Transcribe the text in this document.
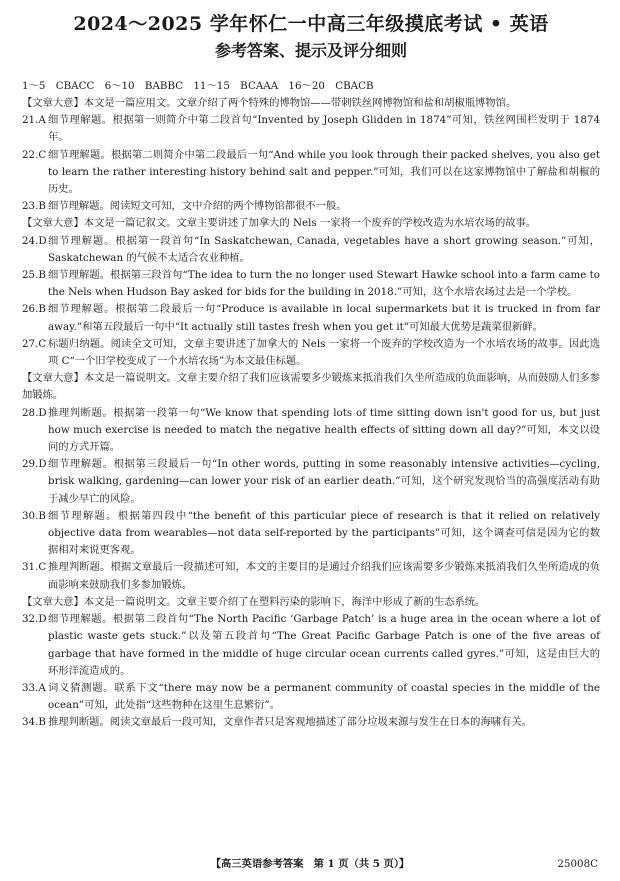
2024～2025 学年怀仁一中高三年级摸底考试 • 英语
参考答案、提示及评分细则
1～5　CBACC　6～10　BABBC　11～15　BCAAA　16～20　CBACB

【文章大意】本文是一篇应用文。文章介绍了两个特殊的博物馆——带刺铁丝网博物馆和盐和胡椒瓶博物馆。

21.A 细节理解题。根据第一则简介中第二段首句“Invented by Joseph Glidden in 1874”可知，铁丝网围栏发明于 1874 年。
22.C 细节理解题。根据第二则简介中第二段最后一句“And while you look through their packed shelves, you also get to learn the rather interesting history behind salt and pepper.”可知，我们可以在这家博物馆中了解盐和胡椒的历史。
23.B 细节理解题。阅读短文可知，文中介绍的两个博物馆都很不一般。

【文章大意】本文是一篇记叙文。文章主要讲述了加拿大的 Nels 一家将一个废弃的学校改造为水培农场的故事。

24.D 细节理解题。根据第一段首句“In Saskatchewan, Canada, vegetables have a short growing season.”可知，Saskatchewan 的气候不太适合农业种植。
25.B 细节理解题。根据第三段首句“The idea to turn the no longer used Stewart Hawke school into a farm came to the Nels when Hudson Bay asked for bids for the building in 2018.”可知，这个水培农场过去是一个学校。
26.B 细节理解题。根据第二段最后一句“Produce is available in local supermarkets but it is trucked in from far away.”和第五段最后一句中“It actually still tastes fresh when you get it”可知最大优势是蔬菜很新鲜。
27.C 标题归纳题。阅读全文可知，文章主要讲述了加拿大的 Nels 一家将一个废弃的学校改造为一个水培农场的故事。因此选项 C“一个旧学校变成了一个水培农场”为本文最佳标题。

【文章大意】本文是一篇说明文。文章主要介绍了我们应该需要多少锻炼来抵消我们久坐所造成的负面影响，从而鼓励人们多参加锻炼。

28.D 推理判断题。根据第一段第一句“We know that spending lots of time sitting down isn't good for us, but just how much exercise is needed to match the negative health effects of sitting down all day?”可知，本文以设问的方式开篇。
29.D 细节理解题。根据第三段最后一句“In other words, putting in some reasonably intensive activities—cycling, brisk walking, gardening—can lower your risk of an earlier death.”可知，这个研究发现恰当的高强度活动有助于减少早亡的风险。
30.B 细节理解题。根据第四段中“the benefit of this particular piece of research is that it relied on relatively objective data from wearables—not data self-reported by the participants”可知，这个调查可信是因为它的数据相对来说更客观。
31.C 推理判断题。根据文章最后一段描述可知，本文的主要目的是通过介绍我们应该需要多少锻炼来抵消我们久坐所造成的负面影响来鼓励我们多参加锻炼。

【文章大意】本文是一篇说明文。文章主要介绍了在塑料污染的影响下，海洋中形成了新的生态系统。

32.D 细节理解题。根据第二段首句“The North Pacific ‘Garbage Patch’ is a huge area in the ocean where a lot of plastic waste gets stuck.”以及第五段首句“The Great Pacific Garbage Patch is one of the five areas of garbage that have formed in the middle of huge circular ocean currents called gyres.”可知，这是由巨大的环形洋流造成的。
33.A 词义猜测题。联系下文“there may now be a permanent community of coastal species in the middle of the ocean”可知，此处指“这些物种在这里生息繁衍”。
34.B 推理判断题。阅读文章最后一段可知，文章作者只是客观地描述了部分垃圾来源与发生在日本的海啸有关。
【高三英语参考答案　第 1 页（共 5 页）】	25008C
